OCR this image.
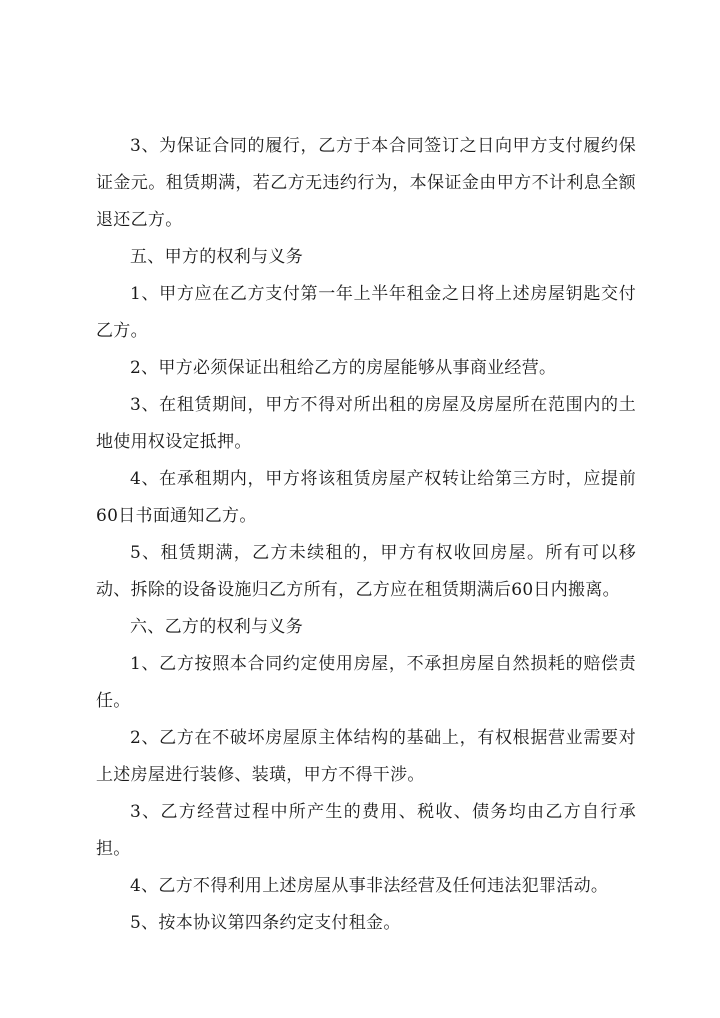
3、为保证合同的履行，乙方于本合同签订之日向甲方支付履约保证金元。租赁期满，若乙方无违约行为，本保证金由甲方不计利息全额退还乙方。

五、甲方的权利与义务

1、甲方应在乙方支付第一年上半年租金之日将上述房屋钥匙交付乙方。

2、甲方必须保证出租给乙方的房屋能够从事商业经营。

3、在租赁期间，甲方不得对所出租的房屋及房屋所在范围内的土地使用权设定抵押。

4、在承租期内，甲方将该租赁房屋产权转让给第三方时，应提前60日书面通知乙方。

5、租赁期满，乙方未续租的，甲方有权收回房屋。所有可以移动、拆除的设备设施归乙方所有，乙方应在租赁期满后60日内搬离。

六、乙方的权利与义务

1、乙方按照本合同约定使用房屋，不承担房屋自然损耗的赔偿责任。

2、乙方在不破坏房屋原主体结构的基础上，有权根据营业需要对上述房屋进行装修、装璜，甲方不得干涉。

3、乙方经营过程中所产生的费用、税收、债务均由乙方自行承担。

4、乙方不得利用上述房屋从事非法经营及任何违法犯罪活动。

5、按本协议第四条约定支付租金。
